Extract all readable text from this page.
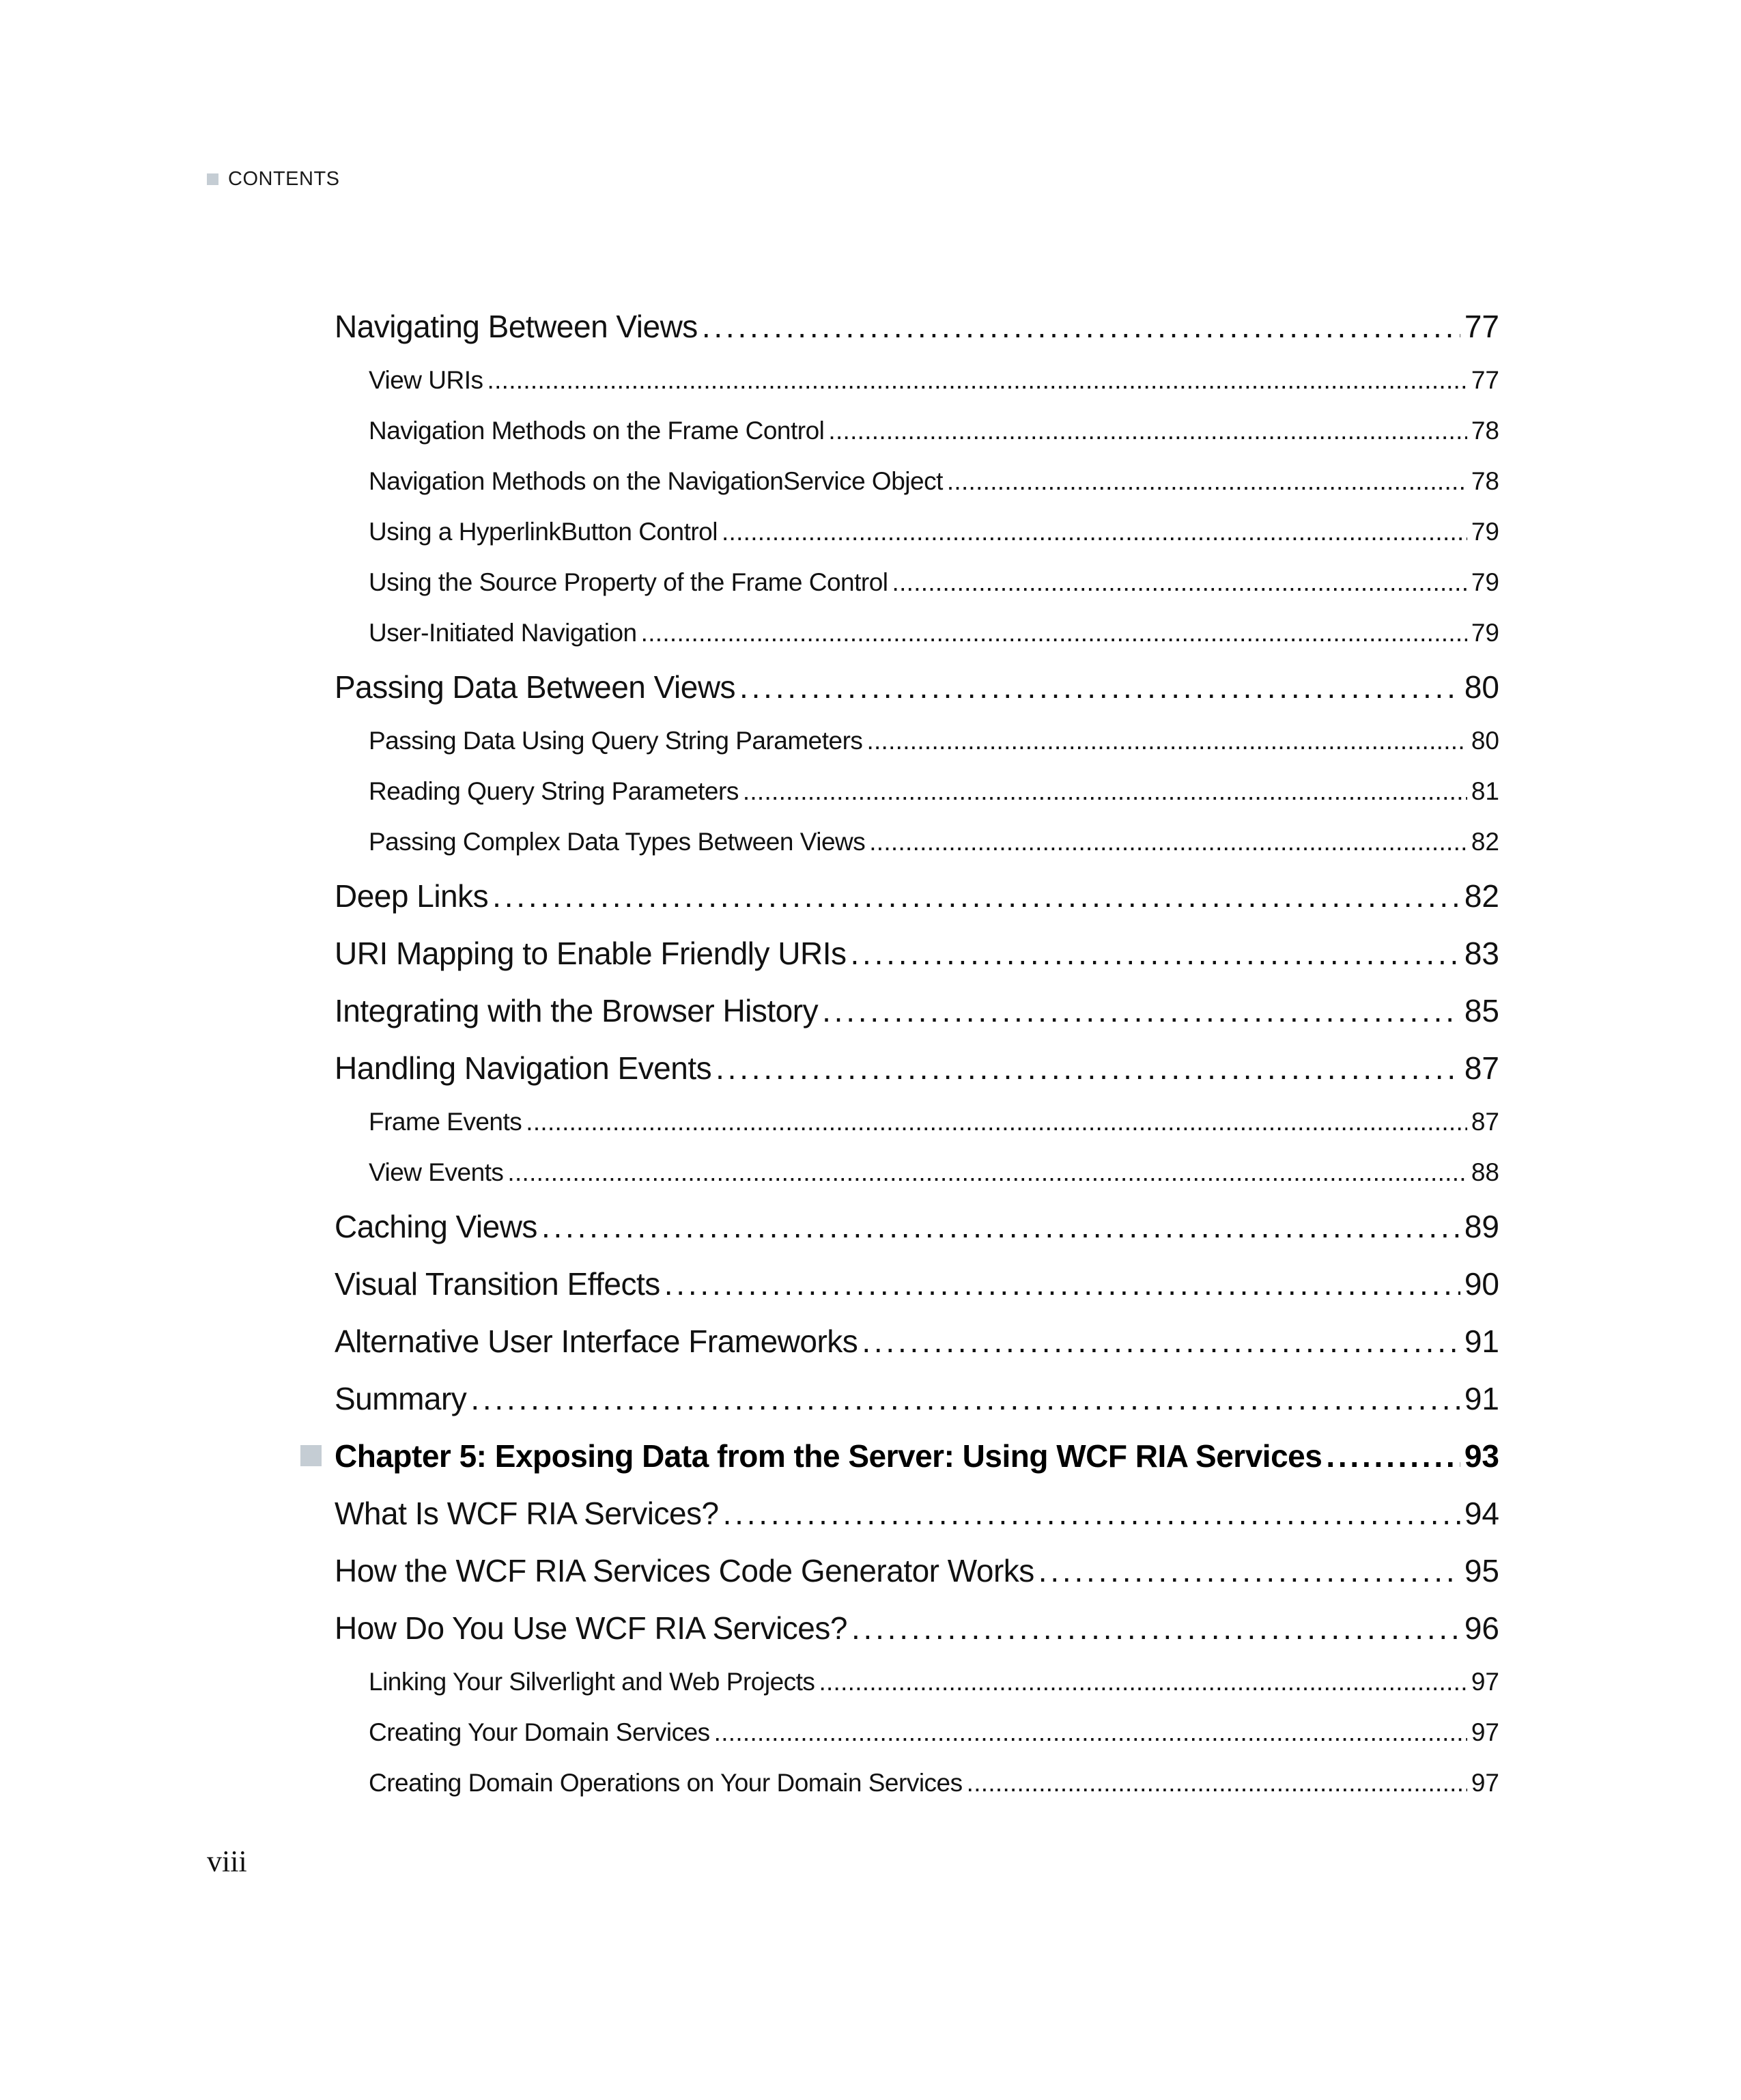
CONTENTS
Navigating Between Views . . .	77
View URIs . . .	77
Navigation Methods on the Frame Control . . .	78
Navigation Methods on the NavigationService Object . . .	78
Using a HyperlinkButton Control . . .	79
Using the Source Property of the Frame Control . . .	79
User-Initiated Navigation . . .	79
Passing Data Between Views . . .	80
Passing Data Using Query String Parameters . . .	80
Reading Query String Parameters . . .	81
Passing Complex Data Types Between Views . . .	82
Deep Links . . .	82
URI Mapping to Enable Friendly URIs . . .	83
Integrating with the Browser History . . .	85
Handling Navigation Events . . .	87
Frame Events . . .	87
View Events . . .	88
Caching Views . . .	89
Visual Transition Effects . . .	90
Alternative User Interface Frameworks . . .	91
Summary . . .	91
Chapter 5: Exposing Data from the Server: Using WCF RIA Services . . .	93
What Is WCF RIA Services? . . .	94
How the WCF RIA Services Code Generator Works . . .	95
How Do You Use WCF RIA Services? . . .	96
Linking Your Silverlight and Web Projects . . .	97
Creating Your Domain Services . . .	97
Creating Domain Operations on Your Domain Services . . .	97
viii
